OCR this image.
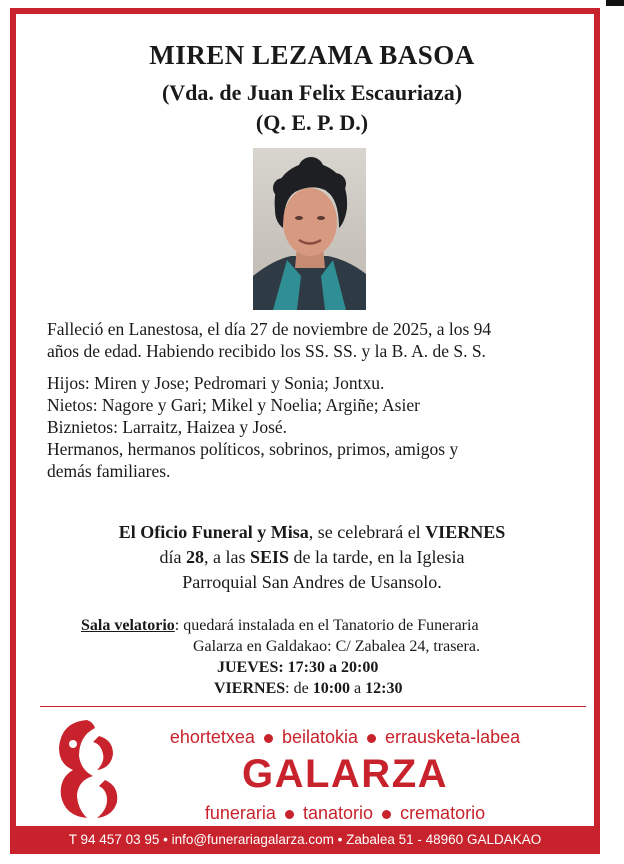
MIREN LEZAMA BASOA
(Vda. de Juan Felix Escauriaza)
(Q. E. P. D.)
Falleció en Lanestosa, el día 27 de noviembre de 2025, a los 94
años de edad. Habiendo recibido los SS. SS. y la B. A. de S. S.
Hijos: Miren y Jose; Pedromari y Sonia; Jontxu.
Nietos: Nagore y Gari; Mikel y Noelia; Argiñe; Asier
Biznietos: Larraitz, Haizea y José.
Hermanos, hermanos políticos, sobrinos, primos, amigos y
demás familiares.
El Oficio Funeral y Misa, se celebrará el VIERNES
día 28, a las SEIS de la tarde, en la Iglesia
Parroquial San Andres de Usansolo.
Sala velatorio: quedará instalada en el Tanatorio de Funeraria
Galarza en Galdakao: C/ Zabalea 24, trasera.
JUEVES: 17:30 a 20:00
VIERNES: de 10:00 a 12:30
ehortetxea beilatokia errausketa-labea
GALARZA
funeraria tanatorio crematorio
T 94 457 03 95 • info@funerariagalarza.com • Zabalea 51 - 48960 GALDAKAO
